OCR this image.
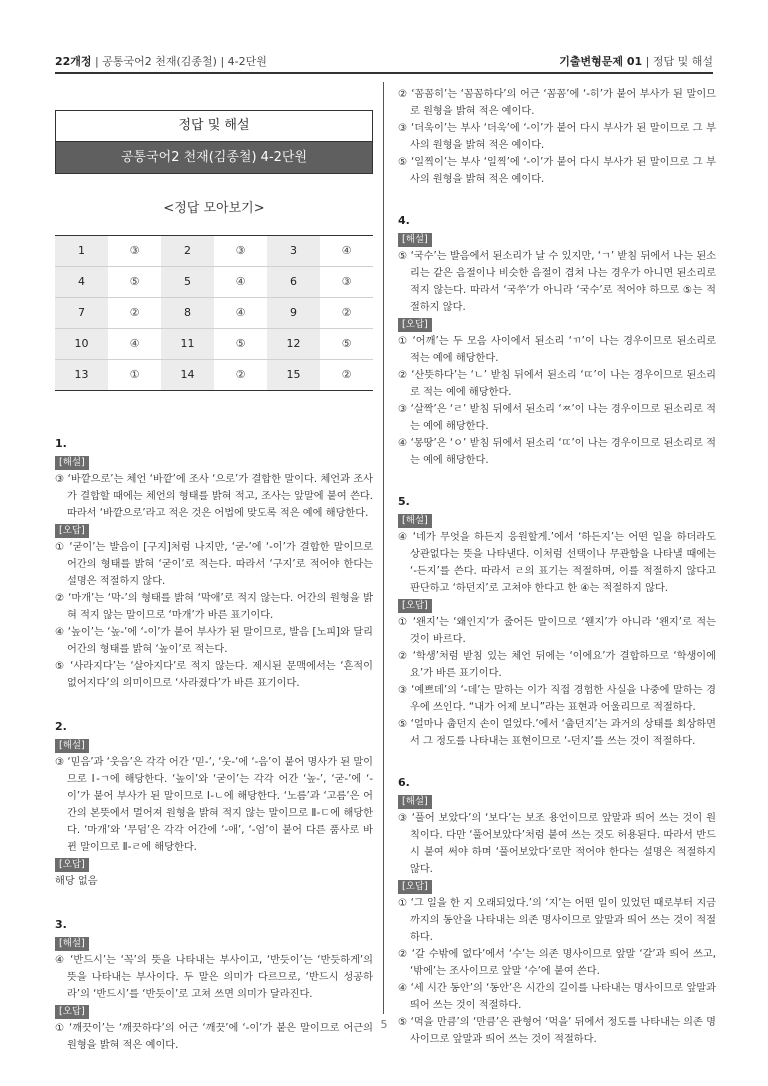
22개정 | 공통국어2 천재(김종철) | 4-2단원	기출변형문제 01 | 정답 및 해설
정답 및 해설
공통국어2 천재(김종철) 4-2단원
<정답 모아보기>
1	③	2	③	3	④
4	⑤	5	④	6	③
7	②	8	④	9	②
10	④	11	⑤	12	⑤
13	①	14	②	15	②
1.
[해설]
③ ‘바깥으로’는 체언 ‘바깥’에 조사 ‘으로’가 결합한 말이다. 체언과 조사가 결합할 때에는 체언의 형태를 밝혀 적고, 조사는 앞말에 붙여 쓴다. 따라서 ‘바깥으로’라고 적은 것은 어법에 맞도록 적은 예에 해당한다.
[오답]
① ‘굳이’는 발음이 [구지]처럼 나지만, ‘굳-’에 ‘-이’가 결합한 말이므로 어간의 형태를 밝혀 ‘굳이’로 적는다. 따라서 ‘구지’로 적어야 한다는 설명은 적절하지 않다.
② ‘마개’는 ‘막-’의 형태를 밝혀 ‘막애’로 적지 않는다. 어간의 원형을 밝혀 적지 않는 말이므로 ‘마개’가 바른 표기이다.
④ ‘높이’는 ‘높-’에 ‘-이’가 붙어 부사가 된 말이므로, 발음 [노피]와 달리 어간의 형태를 밝혀 ‘높이’로 적는다.
⑤ ‘사라지다’는 ‘살아지다’로 적지 않는다. 제시된 문맥에서는 ‘흔적이 없어지다’의 의미이므로 ‘사라졌다’가 바른 표기이다.
2.
[해설]
③ ‘믿음’과 ‘웃음’은 각각 어간 ‘믿-’, ‘웃-’에 ‘-음’이 붙어 명사가 된 말이므로 Ⅰ-ㄱ에 해당한다. ‘높이’와 ‘굳이’는 각각 어간 ‘높-’, ‘굳-’에 ‘-이’가 붙어 부사가 된 말이므로 Ⅰ-ㄴ에 해당한다. ‘노름’과 ‘고름’은 어간의 본뜻에서 멀어져 원형을 밝혀 적지 않는 말이므로 Ⅱ-ㄷ에 해당한다. ‘마개’와 ‘무덤’은 각각 어간에 ‘-애’, ‘-엄’이 붙어 다른 품사로 바뀐 말이므로 Ⅱ-ㄹ에 해당한다.
[오답]
해당 없음
3.
[해설]
④ ‘반드시’는 ‘꼭’의 뜻을 나타내는 부사이고, ‘반듯이’는 ‘반듯하게’의 뜻을 나타내는 부사이다. 두 말은 의미가 다르므로, ‘반드시 성공하라’의 ‘반드시’를 ‘반듯이’로 고쳐 쓰면 의미가 달라진다.
[오답]
① ‘깨끗이’는 ‘깨끗하다’의 어근 ‘깨끗’에 ‘-이’가 붙은 말이므로 어근의 원형을 밝혀 적은 예이다.
② ‘꼼꼼히’는 ‘꼼꼼하다’의 어근 ‘꼼꼼’에 ‘-히’가 붙어 부사가 된 말이므로 원형을 밝혀 적은 예이다.
③ ‘더욱이’는 부사 ‘더욱’에 ‘-이’가 붙어 다시 부사가 된 말이므로 그 부사의 원형을 밝혀 적은 예이다.
⑤ ‘일찍이’는 부사 ‘일찍’에 ‘-이’가 붙어 다시 부사가 된 말이므로 그 부사의 원형을 밝혀 적은 예이다.
4.
[해설]
⑤ ‘국수’는 발음에서 된소리가 날 수 있지만, ‘ㄱ’ 받침 뒤에서 나는 된소리는 같은 음절이나 비슷한 음절이 겹쳐 나는 경우가 아니면 된소리로 적지 않는다. 따라서 ‘국쑤’가 아니라 ‘국수’로 적어야 하므로 ⑤는 적절하지 않다.
[오답]
① ‘어깨’는 두 모음 사이에서 된소리 ‘ㄲ’이 나는 경우이므로 된소리로 적는 예에 해당한다.
② ‘산뜻하다’는 ‘ㄴ’ 받침 뒤에서 된소리 ‘ㄸ’이 나는 경우이므로 된소리로 적는 예에 해당한다.
③ ‘살짝’은 ‘ㄹ’ 받침 뒤에서 된소리 ‘ㅉ’이 나는 경우이므로 된소리로 적는 예에 해당한다.
④ ‘몽땅’은 ‘ㅇ’ 받침 뒤에서 된소리 ‘ㄸ’이 나는 경우이므로 된소리로 적는 예에 해당한다.
5.
[해설]
④ ‘네가 무엇을 하든지 응원할게.’에서 ‘하든지’는 어떤 일을 하더라도 상관없다는 뜻을 나타낸다. 이처럼 선택이나 무관함을 나타낼 때에는 ‘-든지’를 쓴다. 따라서 ㄹ의 표기는 적절하며, 이를 적절하지 않다고 판단하고 ‘하던지’로 고쳐야 한다고 한 ④는 적절하지 않다.
[오답]
① ‘왠지’는 ‘왜인지’가 줄어든 말이므로 ‘웬지’가 아니라 ‘왠지’로 적는 것이 바르다.
② ‘학생’처럼 받침 있는 체언 뒤에는 ‘이에요’가 결합하므로 ‘학생이에요’가 바른 표기이다.
③ ‘예쁘데’의 ‘-데’는 말하는 이가 직접 경험한 사실을 나중에 말하는 경우에 쓰인다. “내가 어제 보니”라는 표현과 어울리므로 적절하다.
⑤ ‘얼마나 춥던지 손이 얼었다.’에서 ‘춥던지’는 과거의 상태를 회상하면서 그 정도를 나타내는 표현이므로 ‘-던지’를 쓰는 것이 적절하다.
6.
[해설]
③ ‘풀어 보았다’의 ‘보다’는 보조 용언이므로 앞말과 띄어 쓰는 것이 원칙이다. 다만 ‘풀어보았다’처럼 붙여 쓰는 것도 허용된다. 따라서 반드시 붙여 써야 하며 ‘풀어보았다’로만 적어야 한다는 설명은 적절하지 않다.
[오답]
① ‘그 일을 한 지 오래되었다.’의 ‘지’는 어떤 일이 있었던 때로부터 지금까지의 동안을 나타내는 의존 명사이므로 앞말과 띄어 쓰는 것이 적절하다.
② ‘갈 수밖에 없다’에서 ‘수’는 의존 명사이므로 앞말 ‘갈’과 띄어 쓰고, ‘밖에’는 조사이므로 앞말 ‘수’에 붙여 쓴다.
④ ‘세 시간 동안’의 ‘동안’은 시간의 길이를 나타내는 명사이므로 앞말과 띄어 쓰는 것이 적절하다.
⑤ ‘먹을 만큼’의 ‘만큼’은 관형어 ‘먹을’ 뒤에서 정도를 나타내는 의존 명사이므로 앞말과 띄어 쓰는 것이 적절하다.
5
